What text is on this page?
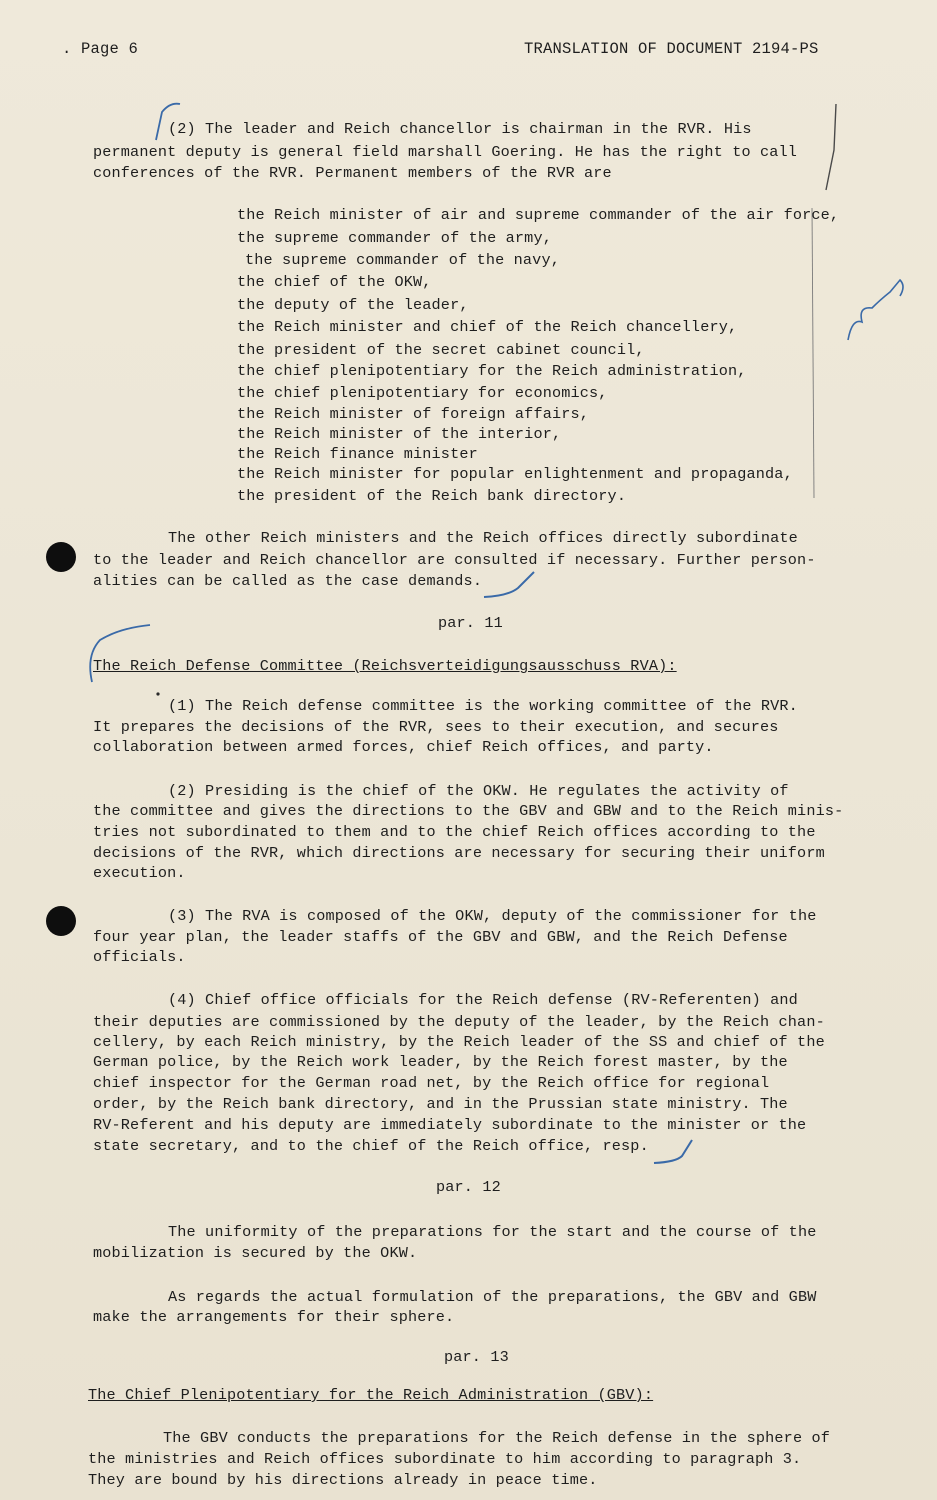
. Page 6	TRANSLATION OF DOCUMENT 2194-PS
(2) The leader and Reich chancellor is chairman in the RVR. His
permanent deputy is general field marshall Goering. He has the right to call
conferences of the RVR. Permanent members of the RVR are
the Reich minister of air and supreme commander of the air force,
the supreme commander of the army,
the supreme commander of the navy,
the chief of the OKW,
the deputy of the leader,
the Reich minister and chief of the Reich chancellery,
the president of the secret cabinet council,
the chief plenipotentiary for the Reich administration,
the chief plenipotentiary for economics,
the Reich minister of foreign affairs,
the Reich minister of the interior,
the Reich finance minister
the Reich minister for popular enlightenment and propaganda,
the president of the Reich bank directory.
The other Reich ministers and the Reich offices directly subordinate
to the leader and Reich chancellor are consulted if necessary. Further person-
alities can be called as the case demands.
par. 11
The Reich Defense Committee (Reichsverteidigungsausschuss RVA):
(1) The Reich defense committee is the working committee of the RVR.
It prepares the decisions of the RVR, sees to their execution, and secures
collaboration between armed forces, chief Reich offices, and party.
(2) Presiding is the chief of the OKW. He regulates the activity of
the committee and gives the directions to the GBV and GBW and to the Reich minis-
tries not subordinated to them and to the chief Reich offices according to the
decisions of the RVR, which directions are necessary for securing their uniform
execution.
(3) The RVA is composed of the OKW, deputy of the commissioner for the
four year plan, the leader staffs of the GBV and GBW, and the Reich Defense
officials.
(4) Chief office officials for the Reich defense (RV-Referenten) and
their deputies are commissioned by the deputy of the leader, by the Reich chan-
cellery, by each Reich ministry, by the Reich leader of the SS and chief of the
German police, by the Reich work leader, by the Reich forest master, by the
chief inspector for the German road net, by the Reich office for regional
order, by the Reich bank directory, and in the Prussian state ministry. The
RV-Referent and his deputy are immediately subordinate to the minister or the
state secretary, and to the chief of the Reich office, resp.
par. 12
The uniformity of the preparations for the start and the course of the
mobilization is secured by the OKW.
As regards the actual formulation of the preparations, the GBV and GBW
make the arrangements for their sphere.
par. 13
The Chief Plenipotentiary for the Reich Administration (GBV):
The GBV conducts the preparations for the Reich defense in the sphere of
the ministries and Reich offices subordinate to him according to paragraph 3.
They are bound by his directions already in peace time.
